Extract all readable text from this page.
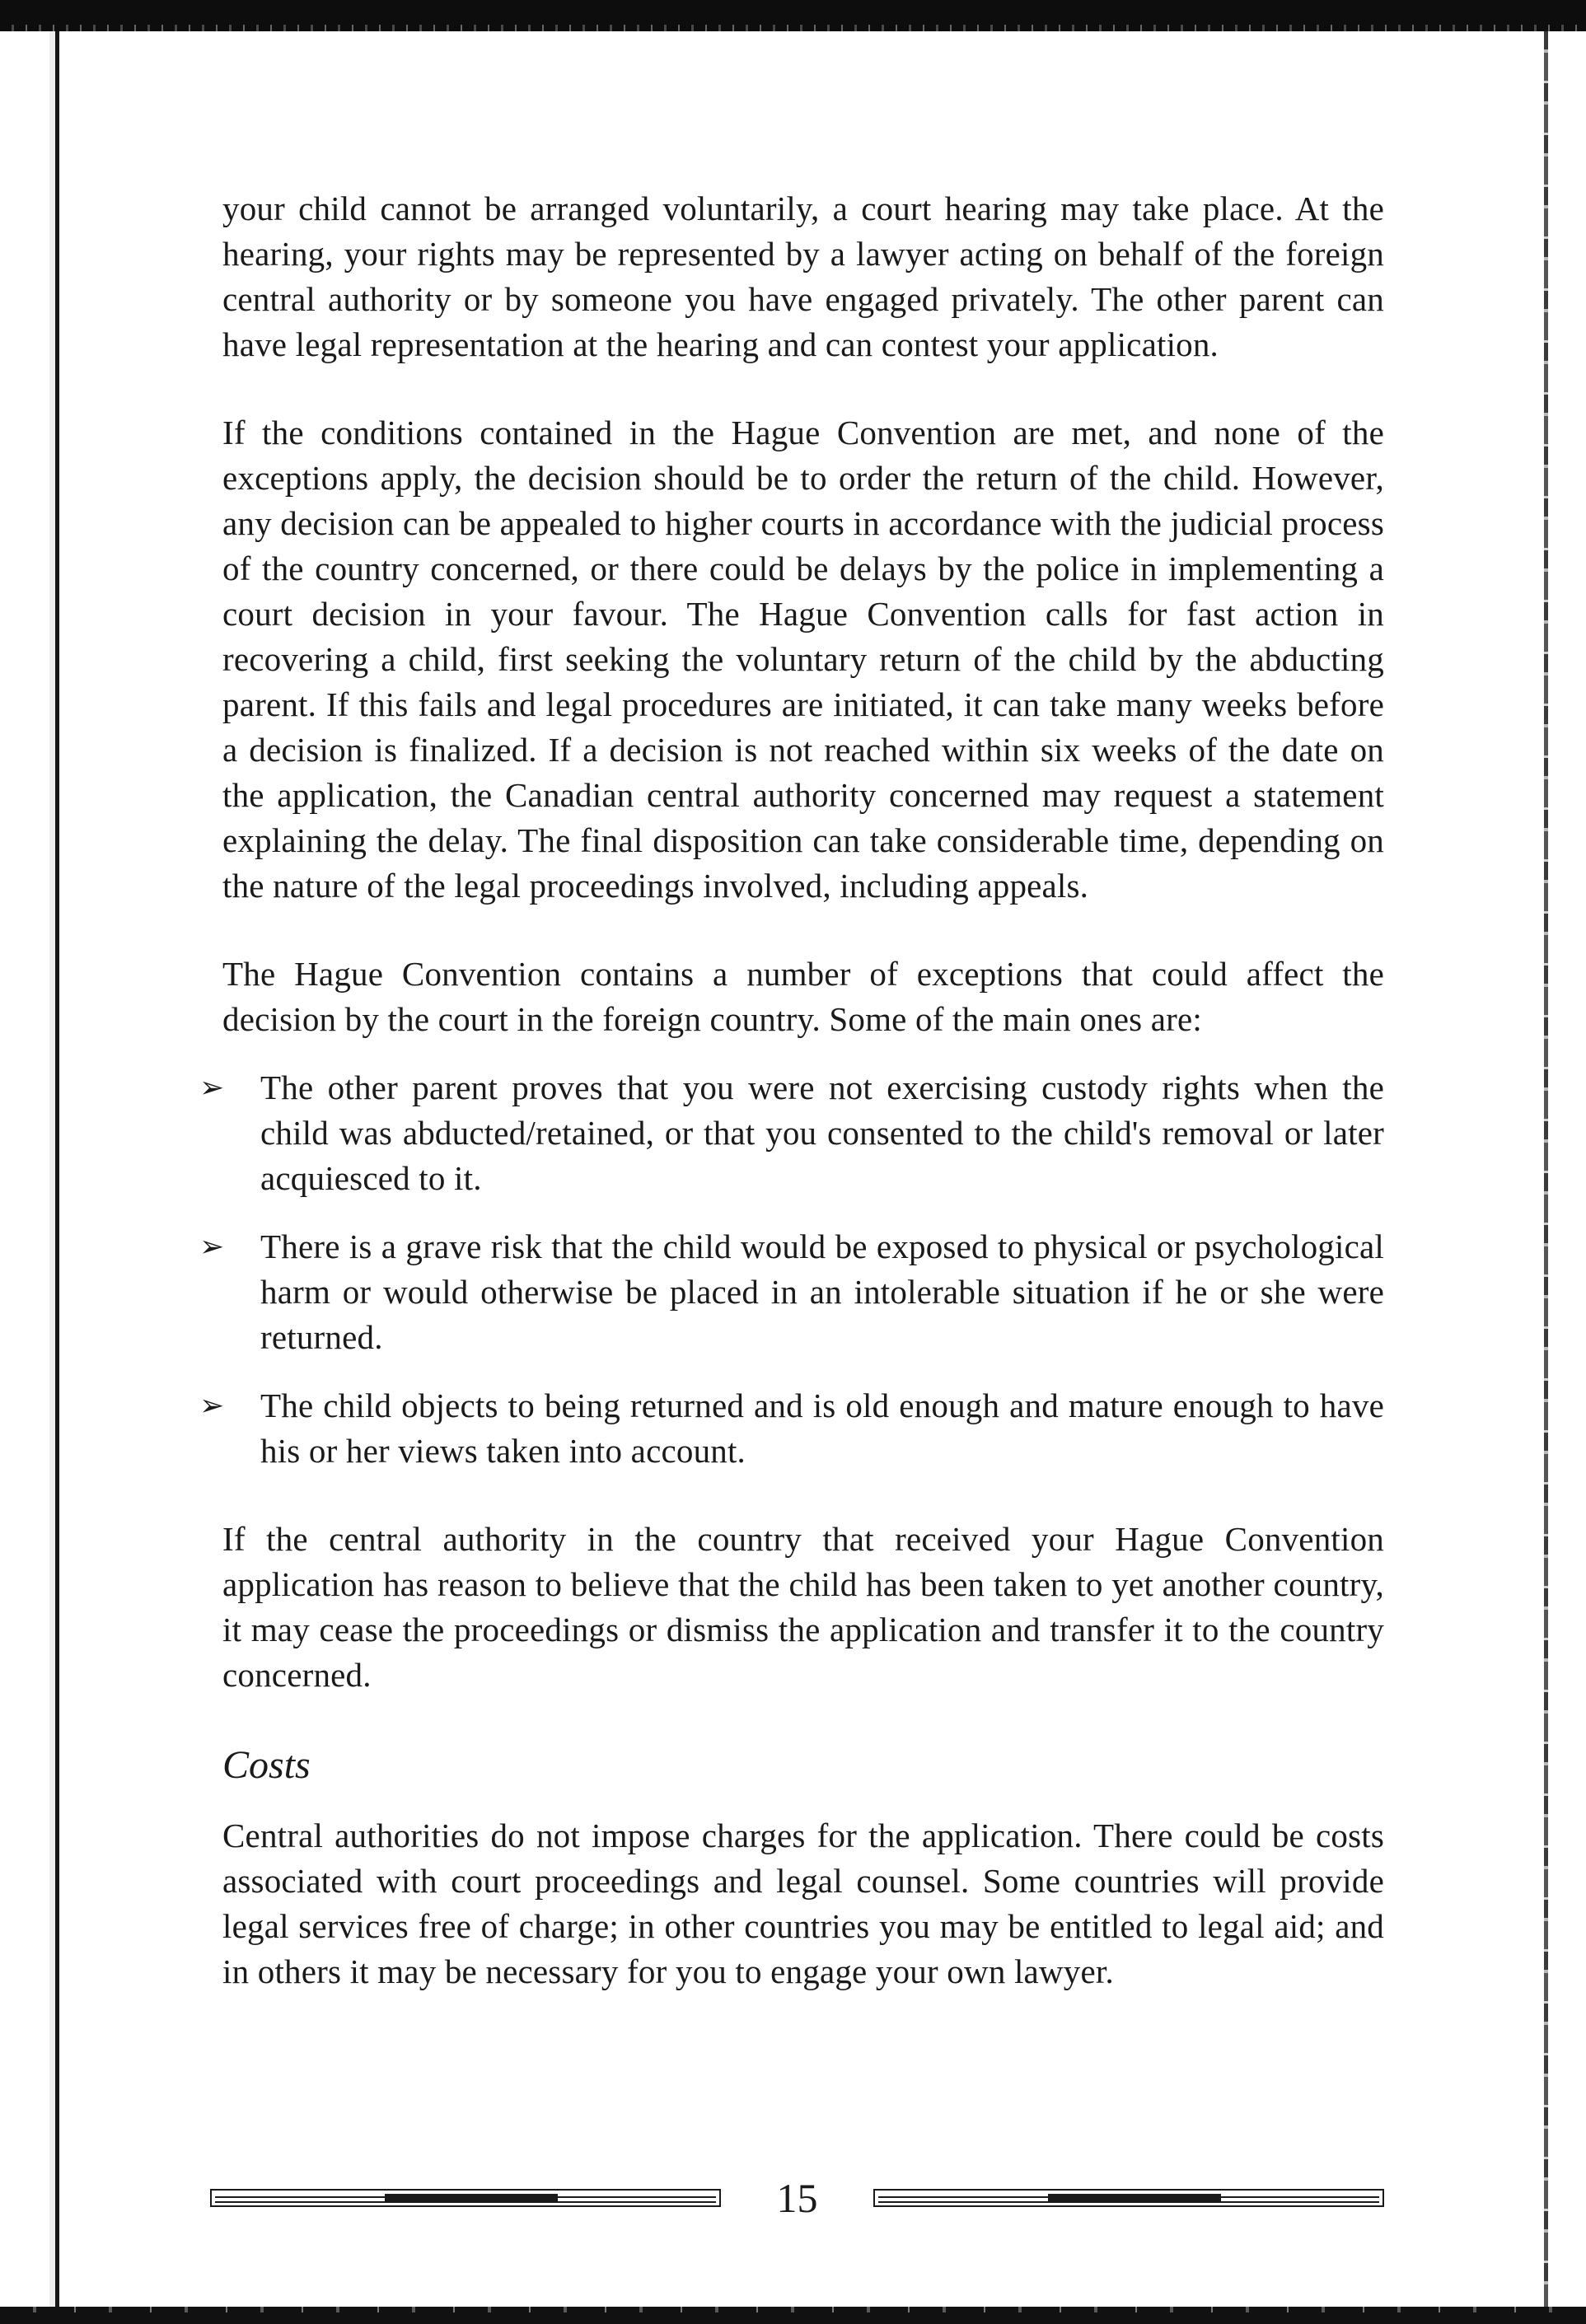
your child cannot be arranged voluntarily, a court hearing may take place. At the hearing, your rights may be represented by a lawyer acting on behalf of the foreign central authority or by someone you have engaged privately. The other parent can have legal representation at the hearing and can contest your application.

If the conditions contained in the Hague Convention are met, and none of the exceptions apply, the decision should be to order the return of the child. However, any decision can be appealed to higher courts in accordance with the judicial process of the country concerned, or there could be delays by the police in implementing a court decision in your favour. The Hague Convention calls for fast action in recovering a child, first seeking the voluntary return of the child by the abducting parent. If this fails and legal procedures are initiated, it can take many weeks before a decision is finalized. If a decision is not reached within six weeks of the date on the application, the Canadian central authority concerned may request a statement explaining the delay. The final disposition can take considerable time, depending on the nature of the legal proceedings involved, including appeals.

The Hague Convention contains a number of exceptions that could affect the decision by the court in the foreign country. Some of the main ones are:

➢ The other parent proves that you were not exercising custody rights when the child was abducted/retained, or that you consented to the child's removal or later acquiesced to it.

➢ There is a grave risk that the child would be exposed to physical or psychological harm or would otherwise be placed in an intolerable situation if he or she were returned.

➢ The child objects to being returned and is old enough and mature enough to have his or her views taken into account.

If the central authority in the country that received your Hague Convention application has reason to believe that the child has been taken to yet another country, it may cease the proceedings or dismiss the application and transfer it to the country concerned.

Costs

Central authorities do not impose charges for the application. There could be costs associated with court proceedings and legal counsel. Some countries will provide legal services free of charge; in other countries you may be entitled to legal aid; and in others it may be necessary for you to engage your own lawyer.

15
